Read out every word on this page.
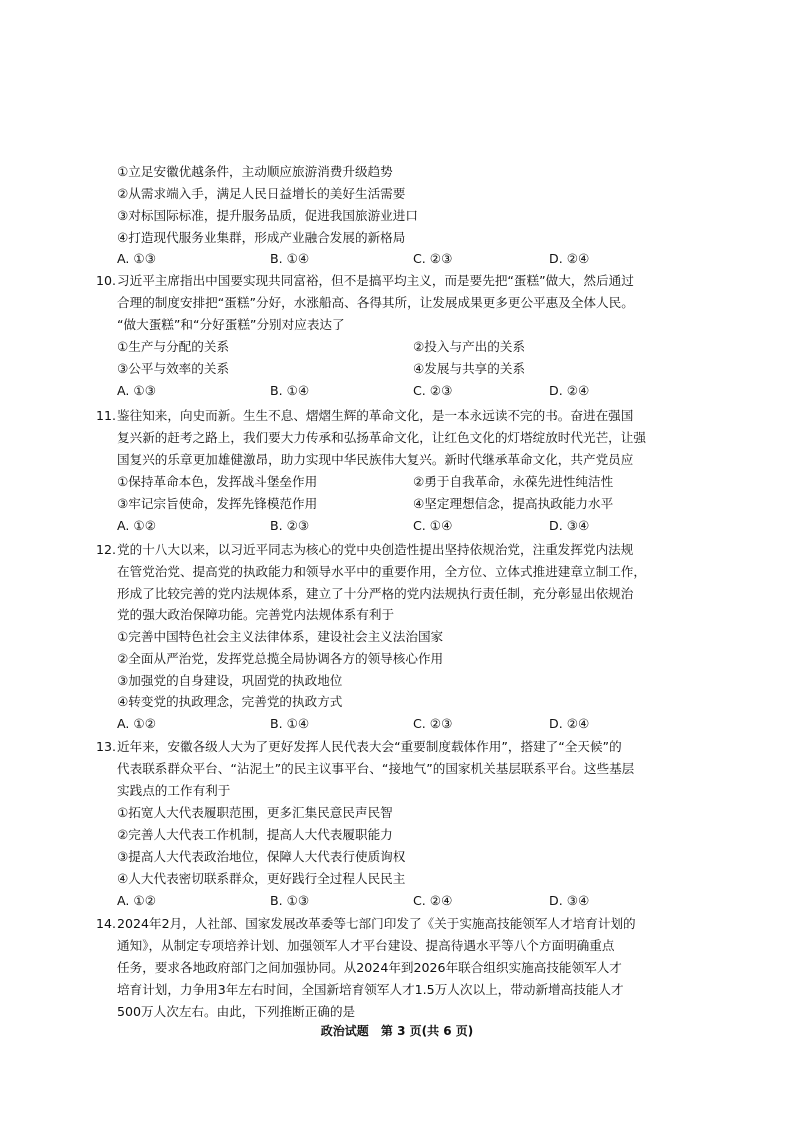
①立足安徽优越条件，主动顺应旅游消费升级趋势
②从需求端入手，满足人民日益增长的美好生活需要
③对标国际标准，提升服务品质，促进我国旅游业进口
④打造现代服务业集群，形成产业融合发展的新格局
A. ①③	B. ①④	C. ②③	D. ②④
10. 习近平主席指出中国要实现共同富裕，但不是搞平均主义，而是要先把“蛋糕”做大，然后通过
合理的制度安排把“蛋糕”分好，水涨船高、各得其所，让发展成果更多更公平惠及全体人民。
“做大蛋糕”和“分好蛋糕”分别对应表达了
①生产与分配的关系	②投入与产出的关系
③公平与效率的关系	④发展与共享的关系
A. ①③	B. ①④	C. ②③	D. ②④
11. 鉴往知来，向史而新。生生不息、熠熠生辉的革命文化，是一本永远读不完的书。奋进在强国
复兴新的赶考之路上，我们要大力传承和弘扬革命文化，让红色文化的灯塔绽放时代光芒，让强
国复兴的乐章更加雄健激昂，助力实现中华民族伟大复兴。新时代继承革命文化，共产党员应
①保持革命本色，发挥战斗堡垒作用	②勇于自我革命，永葆先进性纯洁性
③牢记宗旨使命，发挥先锋模范作用	④坚定理想信念，提高执政能力水平
A. ①②	B. ②③	C. ①④	D. ③④
12. 党的十八大以来，以习近平同志为核心的党中央创造性提出坚持依规治党，注重发挥党内法规
在管党治党、提高党的执政能力和领导水平中的重要作用，全方位、立体式推进建章立制工作，
形成了比较完善的党内法规体系，建立了十分严格的党内法规执行责任制，充分彰显出依规治
党的强大政治保障功能。完善党内法规体系有利于
①完善中国特色社会主义法律体系，建设社会主义法治国家
②全面从严治党，发挥党总揽全局协调各方的领导核心作用
③加强党的自身建设，巩固党的执政地位
④转变党的执政理念，完善党的执政方式
A. ①②	B. ①④	C. ②③	D. ②④
13. 近年来，安徽各级人大为了更好发挥人民代表大会“重要制度载体作用”，搭建了“全天候”的
代表联系群众平台、“沾泥土”的民主议事平台、“接地气”的国家机关基层联系平台。这些基层
实践点的工作有利于
①拓宽人大代表履职范围，更多汇集民意民声民智
②完善人大代表工作机制，提高人大代表履职能力
③提高人大代表政治地位，保障人大代表行使质询权
④人大代表密切联系群众，更好践行全过程人民民主
A. ①②	B. ①③	C. ②④	D. ③④
14. 2024年2月，人社部、国家发展改革委等七部门印发了《关于实施高技能领军人才培育计划的
通知》，从制定专项培养计划、加强领军人才平台建设、提高待遇水平等八个方面明确重点
任务，要求各地政府部门之间加强协同。从2024年到2026年联合组织实施高技能领军人才
培育计划，力争用3年左右时间，全国新培育领军人才1.5万人次以上，带动新增高技能人才
500万人次左右。由此，下列推断正确的是
政治试题 第 3 页(共 6 页)
